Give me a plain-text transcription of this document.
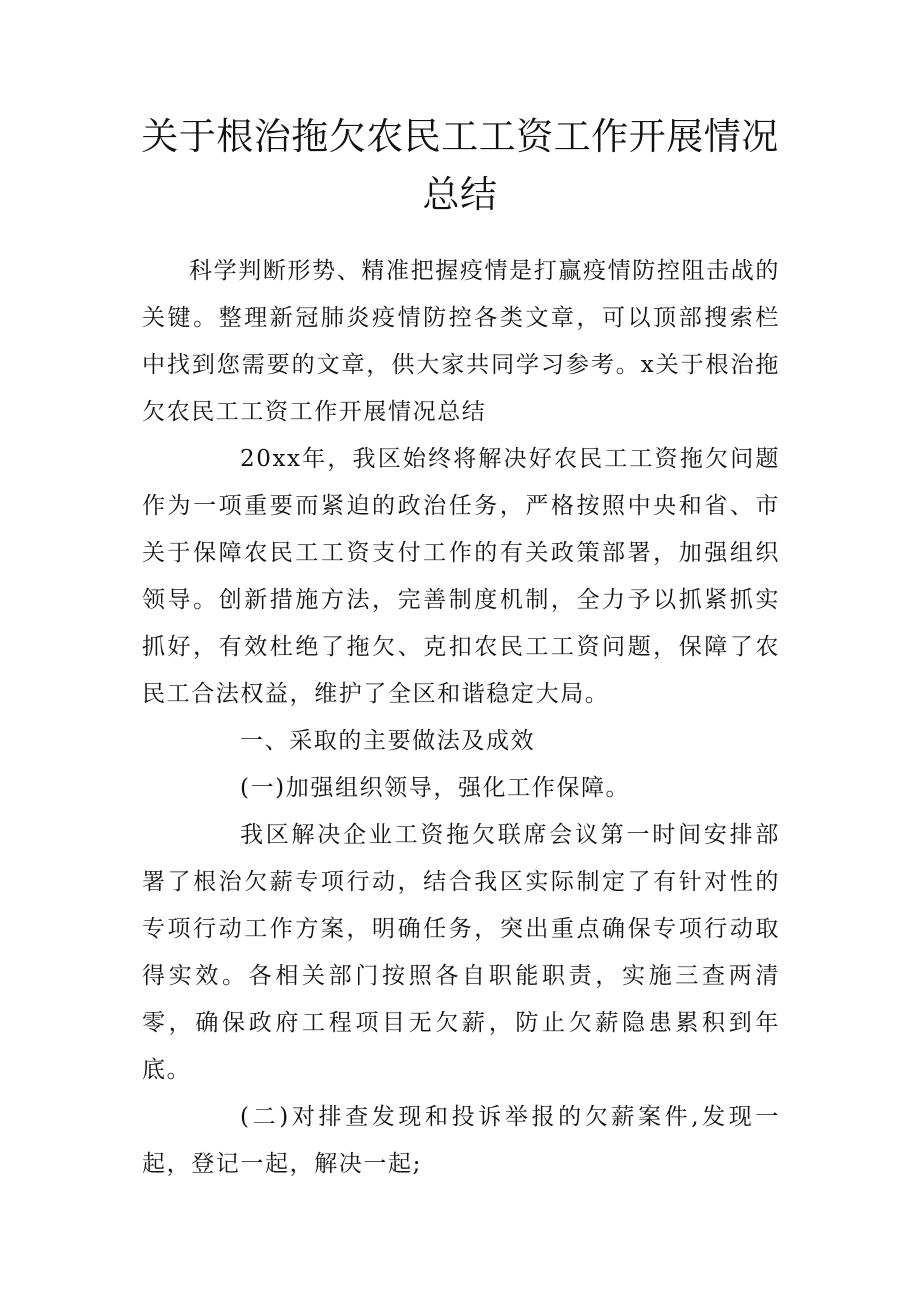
关于根治拖欠农民工工资工作开展情况总结

科学判断形势、精准把握疫情是打赢疫情防控阻击战的关键。整理新冠肺炎疫情防控各类文章，可以顶部搜索栏中找到您需要的文章，供大家共同学习参考。x关于根治拖欠农民工工资工作开展情况总结

20xx年，我区始终将解决好农民工工资拖欠问题作为一项重要而紧迫的政治任务，严格按照中央和省、市关于保障农民工工资支付工作的有关政策部署，加强组织领导。创新措施方法，完善制度机制，全力予以抓紧抓实抓好，有效杜绝了拖欠、克扣农民工工资问题，保障了农民工合法权益，维护了全区和谐稳定大局。

一、采取的主要做法及成效

(一)加强组织领导，强化工作保障。

我区解决企业工资拖欠联席会议第一时间安排部署了根治欠薪专项行动，结合我区实际制定了有针对性的专项行动工作方案，明确任务，突出重点确保专项行动取得实效。各相关部门按照各自职能职责，实施三查两清零，确保政府工程项目无欠薪，防止欠薪隐患累积到年底。

(二)对排查发现和投诉举报的欠薪案件,发现一起，登记一起，解决一起;
